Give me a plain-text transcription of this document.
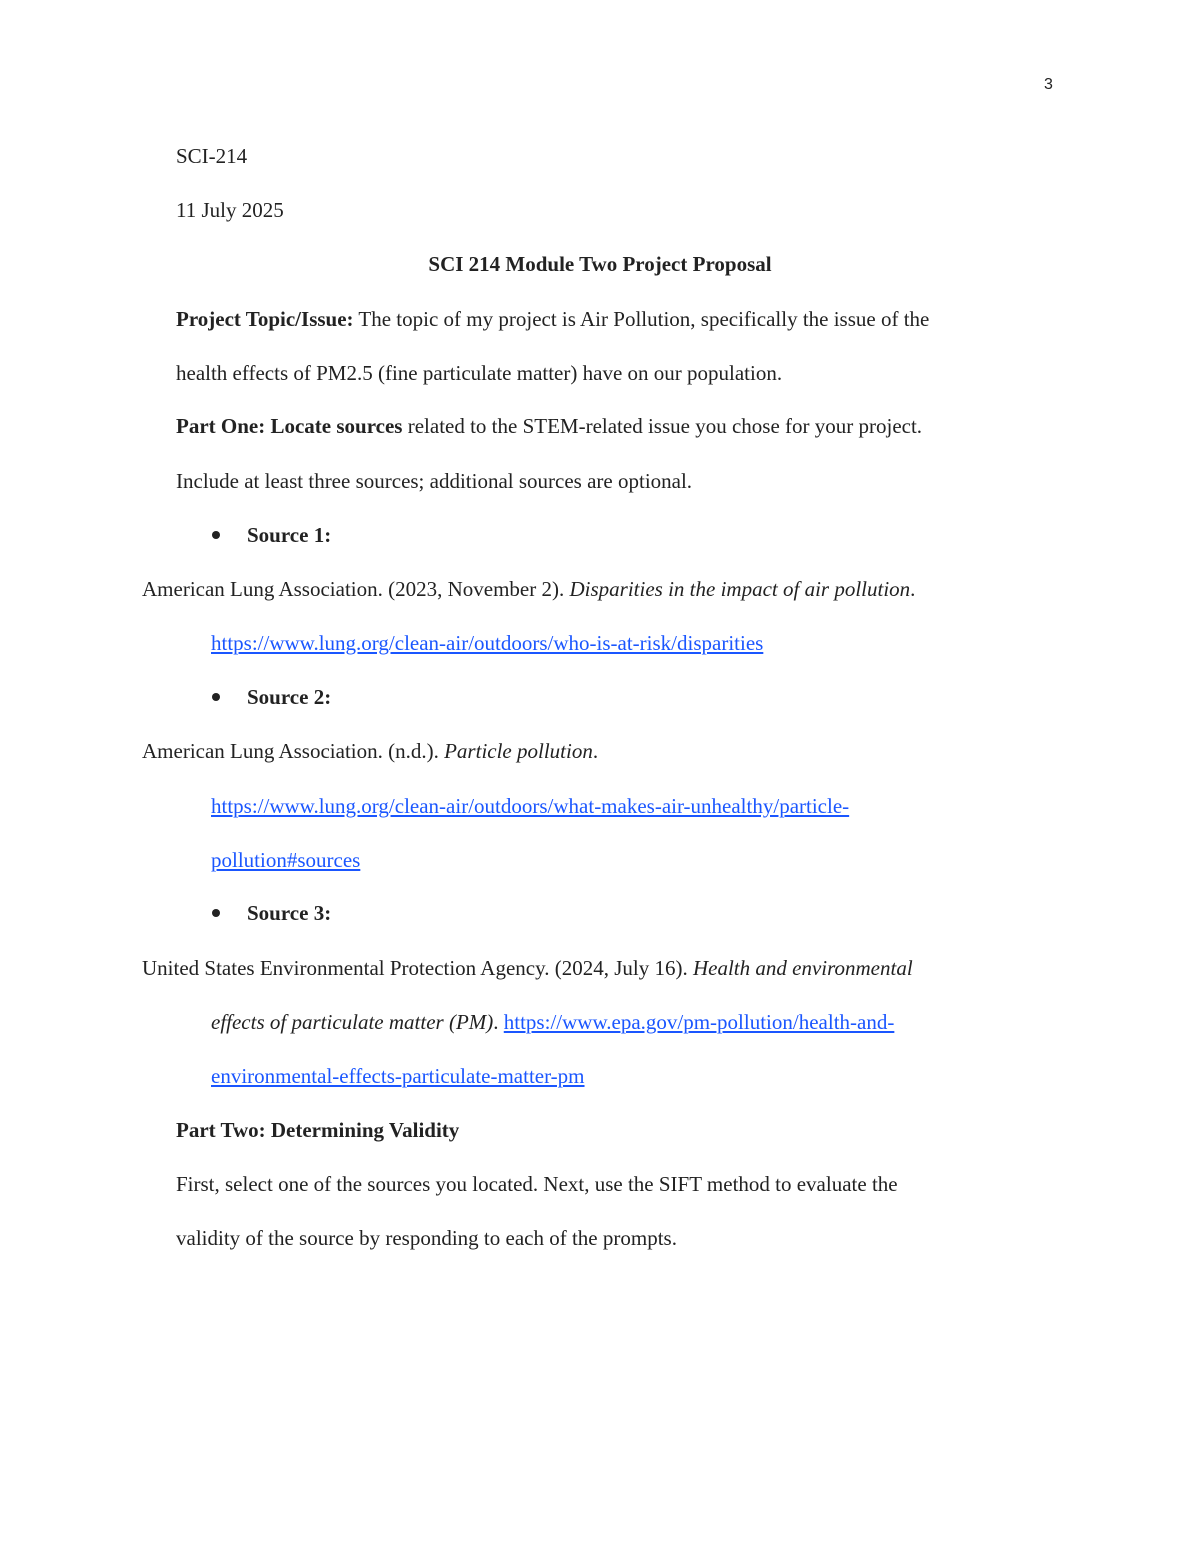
3
SCI-214
11 July 2025
SCI 214 Module Two Project Proposal
Project Topic/Issue: The topic of my project is Air Pollution, specifically the issue of the
health effects of PM2.5 (fine particulate matter) have on our population.
Part One: Locate sources related to the STEM-related issue you chose for your project.
Include at least three sources; additional sources are optional.
Source 1:
American Lung Association. (2023, November 2). Disparities in the impact of air pollution.
https://www.lung.org/clean-air/outdoors/who-is-at-risk/disparities
Source 2:
American Lung Association. (n.d.). Particle pollution.
https://www.lung.org/clean-air/outdoors/what-makes-air-unhealthy/particle-
pollution#sources
Source 3:
United States Environmental Protection Agency. (2024, July 16). Health and environmental
effects of particulate matter (PM). https://www.epa.gov/pm-pollution/health-and-
environmental-effects-particulate-matter-pm
Part Two: Determining Validity
First, select one of the sources you located. Next, use the SIFT method to evaluate the
validity of the source by responding to each of the prompts.
